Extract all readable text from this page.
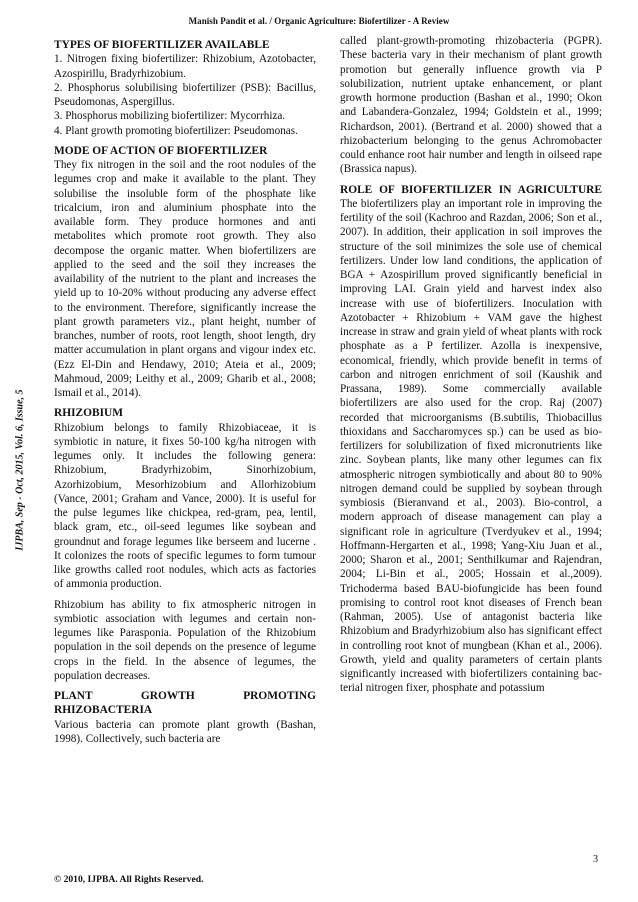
Manish Pandit et al. / Organic Agriculture: Biofertilizer - A Review
IJPBA, Sep - Oct, 2015, Vol. 6, Issue, 5
TYPES OF BIOFERTILIZER AVAILABLE

1. Nitrogen fixing biofertilizer: Rhizobium, Azotobacter, Azospirillu, Bradyrhizobium.

2. Phosphorus solubilising biofertilizer (PSB): Bacillus, Pseudomonas, Aspergillus.

3. Phosphorus mobilizing biofertilizer: Mycorrhiza.

4. Plant growth promoting biofertilizer: Pseudomonas.

MODE OF ACTION OF BIOFERTILIZER

They fix nitrogen in the soil and the root nodules of the legumes crop and make it available to the plant. They solubilise the insoluble form of the phosphate like tricalcium, iron and aluminium phosphate into the available form. They produce hormones and anti metabolites which promote root growth. They also decompose the organic matter. When biofertilizers are applied to the seed and the soil they increases the availability of the nutrient to the plant and increases the yield up to 10-20% without producing any adverse effect to the environment. Therefore, significantly increase the plant growth parameters viz., plant height, number of branches, number of roots, root length, shoot length, dry matter accumulation in plant organs and vigour index etc. (Ezz El-Din and Hendawy, 2010; Ateia et al., 2009; Mahmoud, 2009; Leithy et al., 2009; Gharib et al., 2008; Ismail et al., 2014).

RHIZOBIUM

Rhizobium belongs to family Rhizobiaceae, it is symbiotic in nature, it fixes 50-100 kg/ha nitrogen with legumes only. It includes the following genera: Rhizobium, Bradyrhizobim, Sinorhizobium, Azorhizobium, Mesorhizobium and Allorhizobium (Vance, 2001; Graham and Vance, 2000). It is useful for the pulse legumes like chickpea, red-gram, pea, lentil, black gram, etc., oil-seed legumes like soybean and groundnut and forage legumes like berseem and lucerne . It colonizes the roots of specific legumes to form tumour like growths called root nodules, which acts as factories of ammonia production.

Rhizobium has ability to fix atmospheric nitrogen in symbiotic association with legumes and certain non-legumes like Parasponia. Population of the Rhizobium population in the soil depends on the presence of legume crops in the field. In the absence of legumes, the population decreases.

PLANT GROWTH PROMOTING RHIZOBACTERIA

Various bacteria can promote plant growth (Bashan, 1998). Collectively, such bacteria are

called plant-growth-promoting rhizobacteria (PGPR). These bacteria vary in their mechanism of plant growth promotion but generally influence growth via P solubilization, nutrient uptake enhancement, or plant growth hormone production (Bashan et al., 1990; Okon and Labandera-Gonzalez, 1994; Goldstein et al., 1999; Richardson, 2001). (Bertrand et al. 2000) showed that a rhizobacterium belonging to the genus Achromobacter could enhance root hair number and length in oilseed rape (Brassica napus).

ROLE OF BIOFERTILIZER IN AGRICULTURE

The biofertilizers play an important role in improving the fertility of the soil (Kachroo and Razdan, 2006; Son et al., 2007). In addition, their application in soil improves the structure of the soil minimizes the sole use of chemical fertilizers. Under low land conditions, the application of BGA + Azospirillum proved significantly beneficial in improving LAI. Grain yield and harvest index also increase with use of biofertilizers. Inoculation with Azotobacter + Rhizobium + VAM gave the highest increase in straw and grain yield of wheat plants with rock phosphate as a P fertilizer. Azolla is inexpensive, economical, friendly, which provide benefit in terms of carbon and nitrogen enrichment of soil (Kaushik and Prassana, 1989). Some commercially available biofertilizers are also used for the crop. Raj (2007) recorded that microorganisms (B.subtilis, Thiobacillus thioxidans and Saccharomyces sp.) can be used as bio-fertilizers for solubilization of fixed micronutrients like zinc. Soybean plants, like many other legumes can fix atmospheric nitrogen symbiotically and about 80 to 90% nitrogen demand could be supplied by soybean through symbiosis (Bieranvand et al., 2003). Bio-control, a modern approach of disease management can play a significant role in agriculture (Tverdyukev et al., 1994; Hoffmann-Hergarten et al., 1998; Yang-Xiu Juan et al., 2000; Sharon et al., 2001; Senthilkumar and Rajendran, 2004; Li-Bin et al., 2005; Hossain et al.,2009). Trichoderma based BAU-biofungicide has been found promising to control root knot diseases of French bean (Rahman, 2005). Use of antagonist bacteria like Rhizobium and Bradyrhizobium also has significant effect in controlling root knot of mungbean (Khan et al., 2006). Growth, yield and quality parameters of certain plants significantly increased with biofertilizers containing bac- terial nitrogen fixer, phosphate and potassium

3
© 2010, IJPBA. All Rights Reserved.
